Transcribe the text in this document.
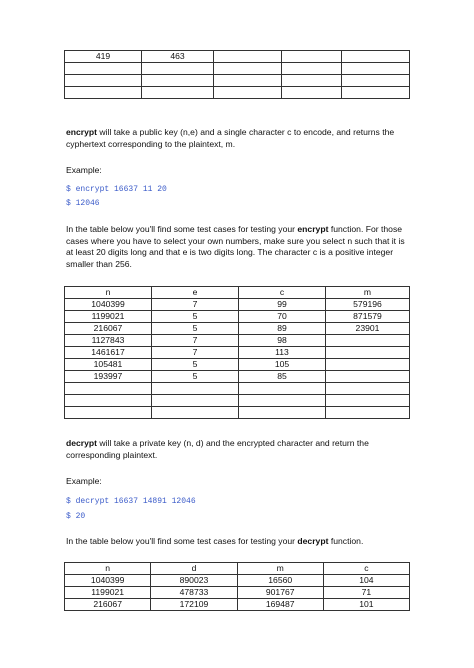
419	463			

encrypt will take a public key (n,e) and a single character c to encode, and returns the cyphertext corresponding to the plaintext, m.

Example:

$ encrypt 16637 11 20

$ 12046

In the table below you'll find some test cases for testing your encrypt function. For those cases where you have to select your own numbers, make sure you select n such that it is at least 20 digits long and that e is two digits long. The character c is a positive integer smaller than 256.

n	e	c	m
1040399	7	99	579196
1199021	5	70	871579
216067	5	89	23901
1127843	7	98	
1461617	7	113	
105481	5	105	
193997	5	85	

decrypt will take a private key (n, d) and the encrypted character and return the corresponding plaintext.

Example:

$ decrypt 16637 14891 12046

$ 20

In the table below you'll find some test cases for testing your decrypt function.

n	d	m	c
1040399	890023	16560	104
1199021	478733	901767	71
216067	172109	169487	101
